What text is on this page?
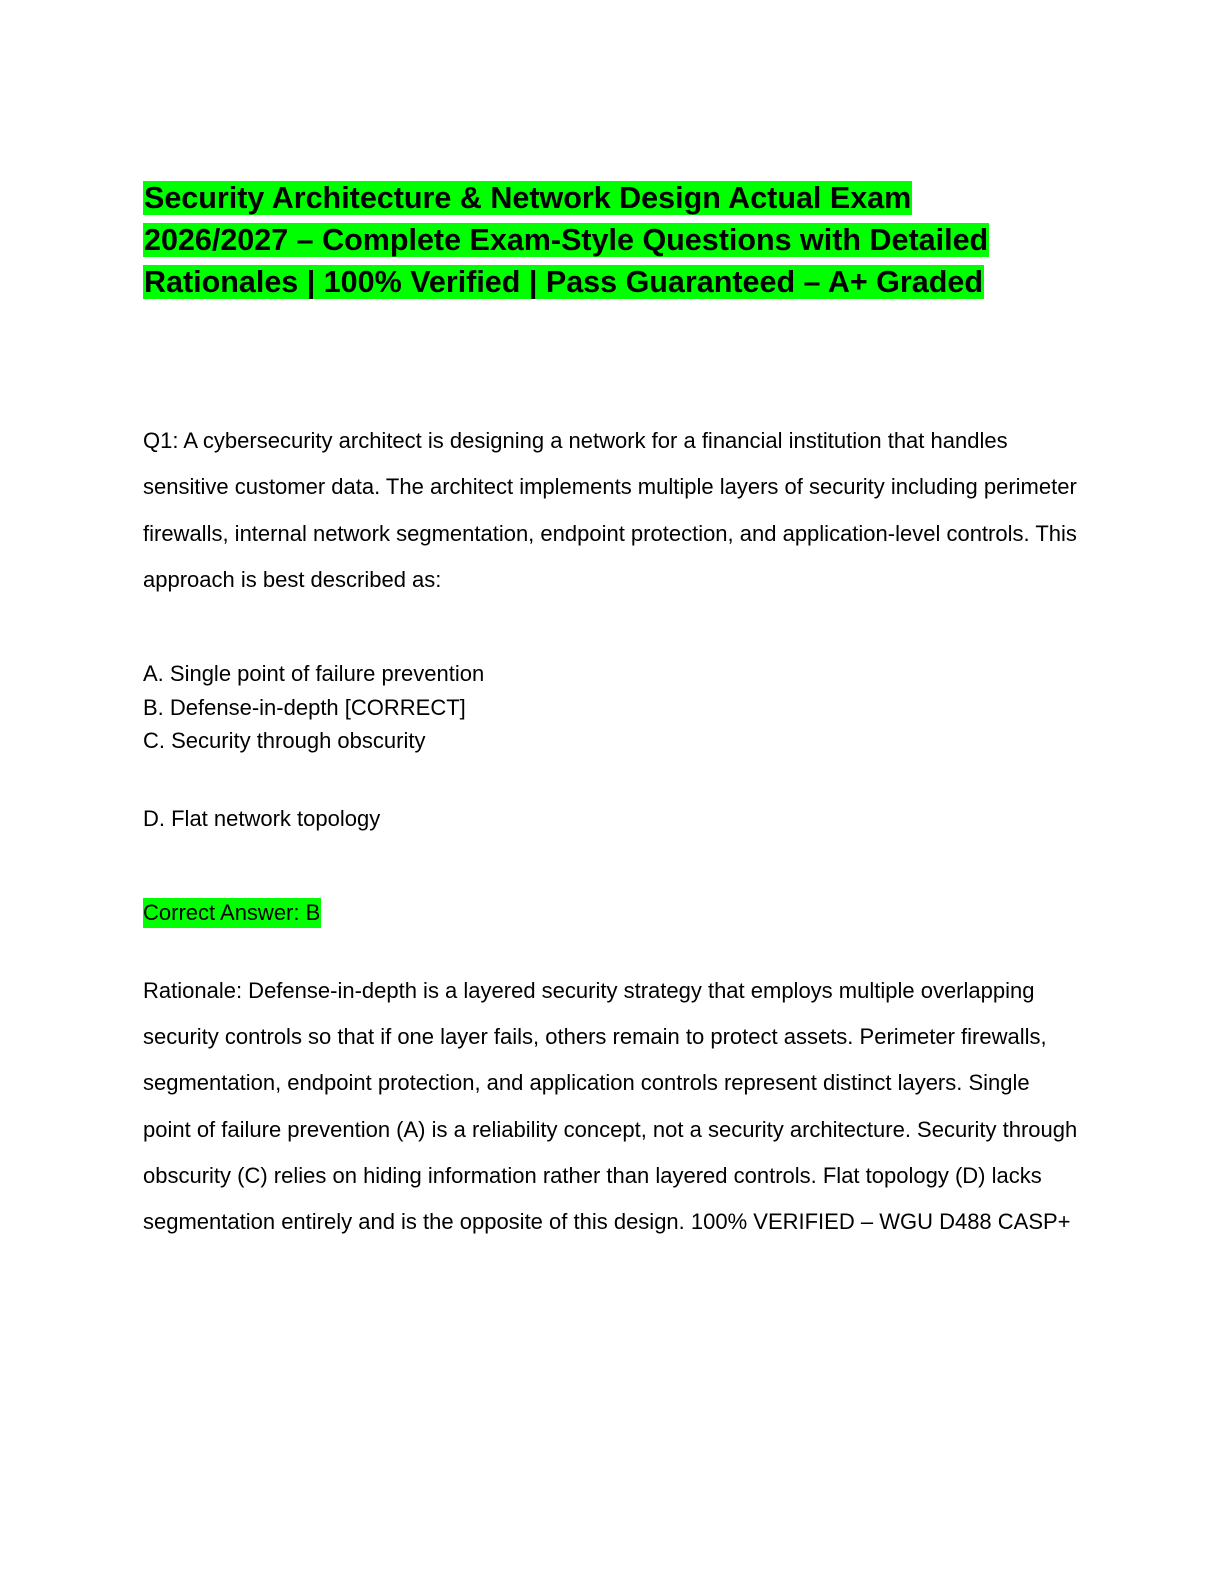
Security Architecture & Network Design Actual Exam 2026/2027 – Complete Exam-Style Questions with Detailed Rationales | 100% Verified | Pass Guaranteed – A+ Graded

Q1: A cybersecurity architect is designing a network for a financial institution that handles sensitive customer data. The architect implements multiple layers of security including perimeter firewalls, internal network segmentation, endpoint protection, and application-level controls. This approach is best described as:

A. Single point of failure prevention
B. Defense-in-depth [CORRECT]
C. Security through obscurity

D. Flat network topology

Correct Answer: B

Rationale: Defense-in-depth is a layered security strategy that employs multiple overlapping security controls so that if one layer fails, others remain to protect assets. Perimeter firewalls, segmentation, endpoint protection, and application controls represent distinct layers. Single point of failure prevention (A) is a reliability concept, not a security architecture. Security through obscurity (C) relies on hiding information rather than layered controls. Flat topology (D) lacks segmentation entirely and is the opposite of this design. 100% VERIFIED – WGU D488 CASP+
